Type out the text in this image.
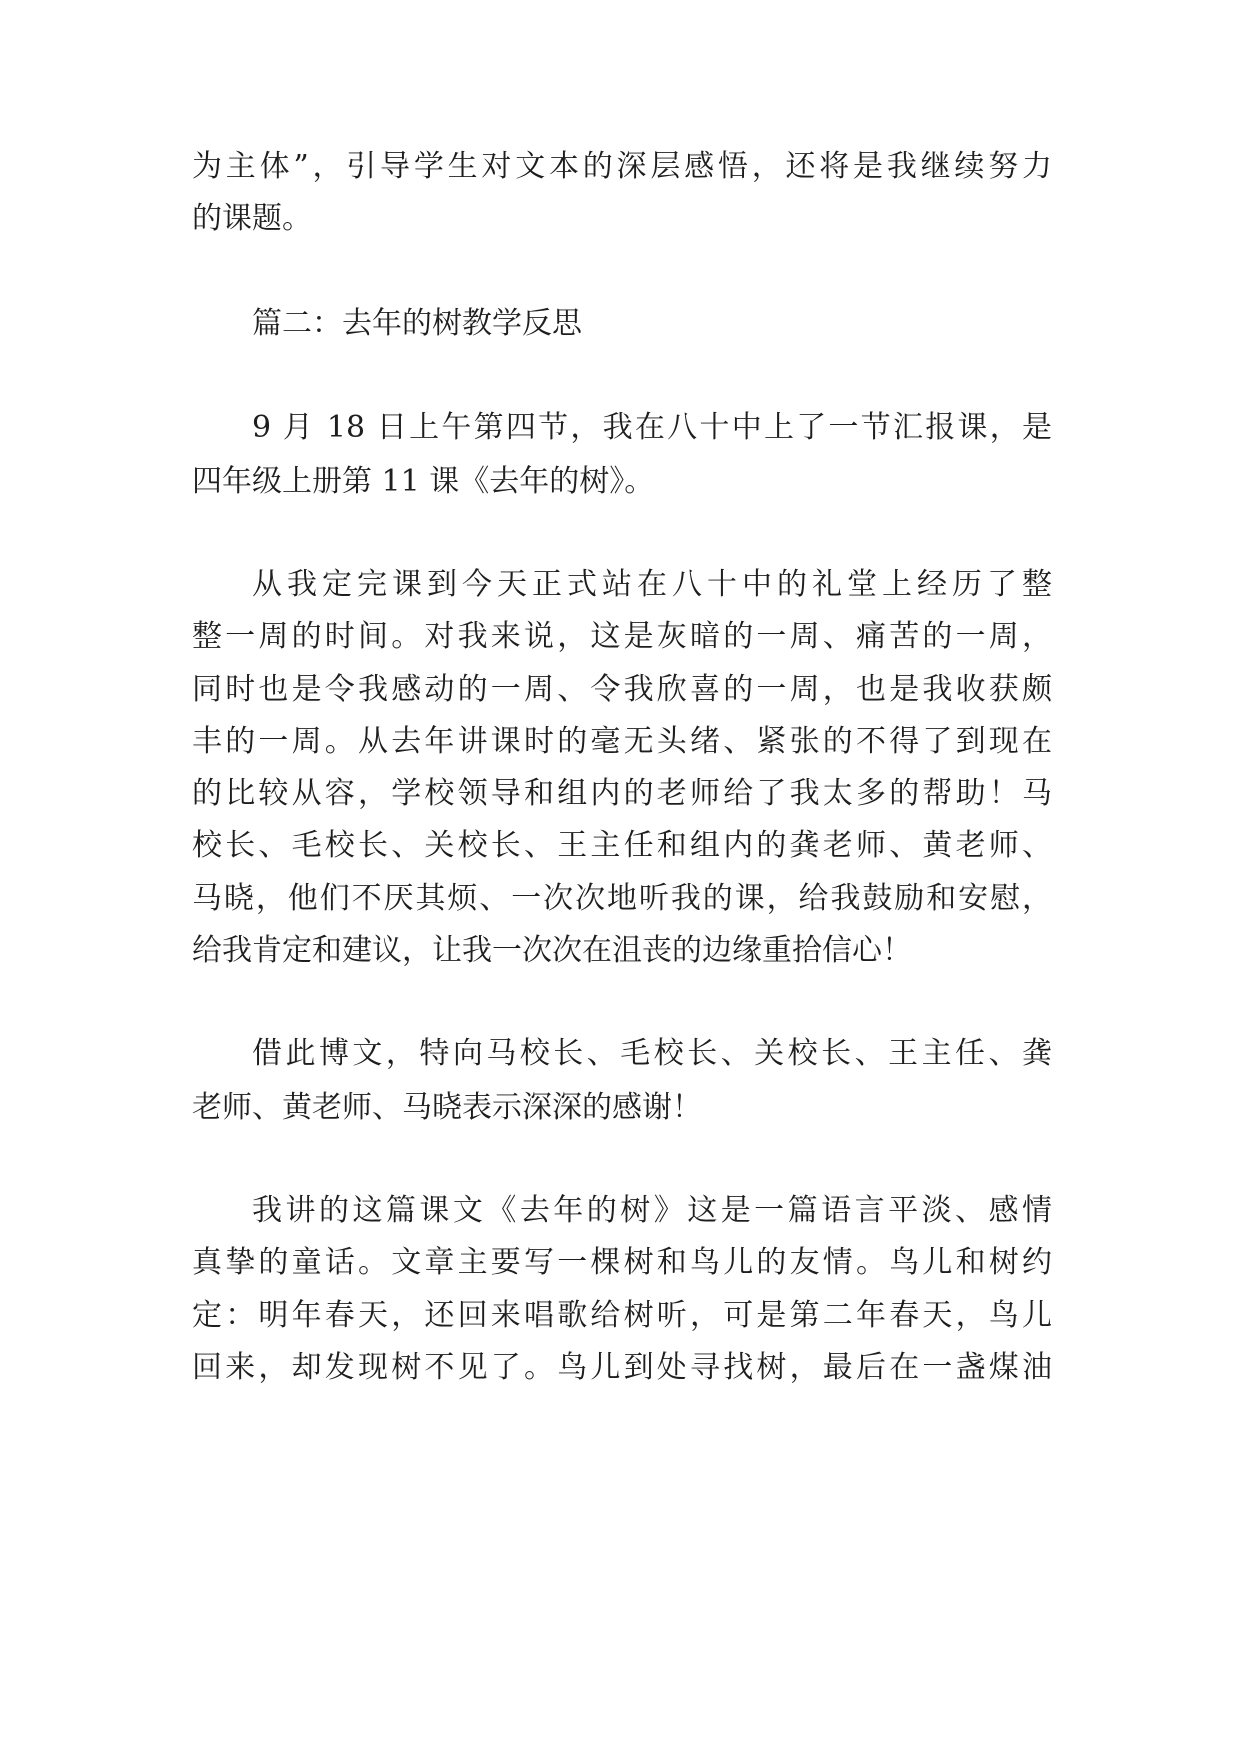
为主体”，引导学生对文本的深层感悟，还将是我继续努力

的课题。

篇二：去年的树教学反思

9 月 18 日上午第四节，我在八十中上了一节汇报课，是

四年级上册第 11 课《去年的树》。

从我定完课到今天正式站在八十中的礼堂上经历了整

整一周的时间。对我来说，这是灰暗的一周、痛苦的一周，

同时也是令我感动的一周、令我欣喜的一周，也是我收获颇

丰的一周。从去年讲课时的毫无头绪、紧张的不得了到现在

的比较从容，学校领导和组内的老师给了我太多的帮助！马

校长、毛校长、关校长、王主任和组内的龚老师、黄老师、

马晓，他们不厌其烦、一次次地听我的课，给我鼓励和安慰，

给我肯定和建议，让我一次次在沮丧的边缘重拾信心！

借此博文，特向马校长、毛校长、关校长、王主任、龚

老师、黄老师、马晓表示深深的感谢！

我讲的这篇课文《去年的树》这是一篇语言平淡、感情

真挚的童话。文章主要写一棵树和鸟儿的友情。鸟儿和树约

定：明年春天，还回来唱歌给树听，可是第二年春天，鸟儿

回来，却发现树不见了。鸟儿到处寻找树，最后在一盏煤油
